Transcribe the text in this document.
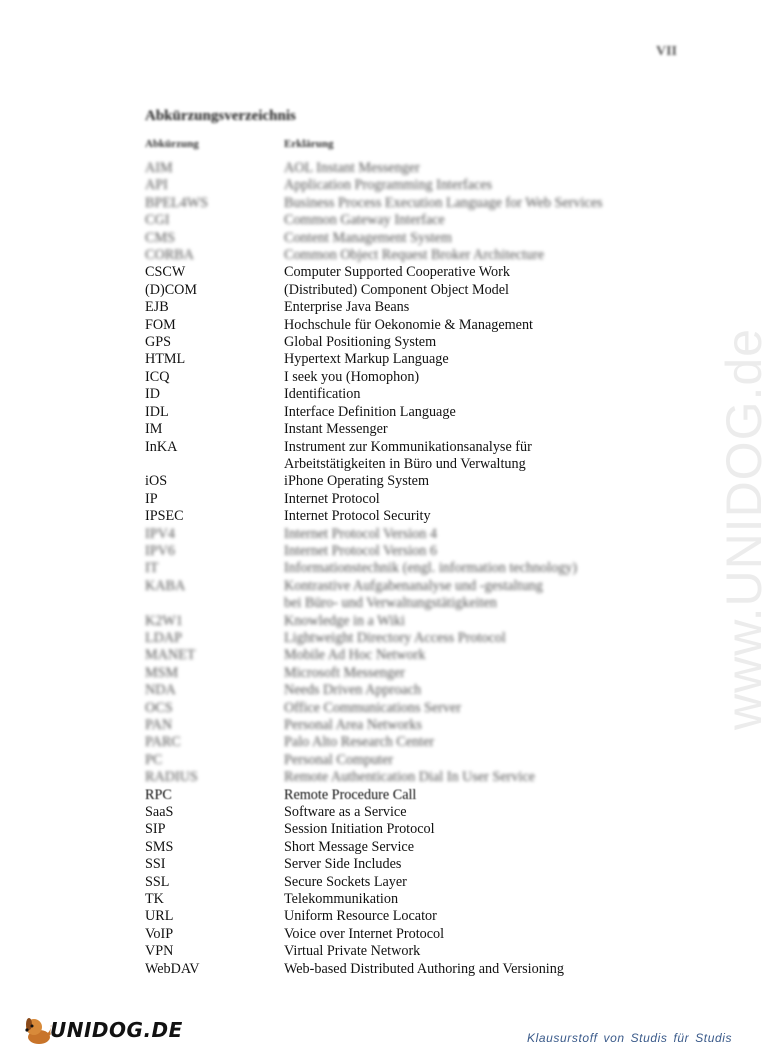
VII
www.UNIDOG.de
Abkürzungsverzeichnis
Abkürzung	Erklärung
AIM	AOL Instant Messenger
API	Application Programming Interfaces
BPEL4WS	Business Process Execution Language for Web Services
CGI	Common Gateway Interface
CMS	Content Management System
CORBA	Common Object Request Broker Architecture
CSCW	Computer Supported Cooperative Work
(D)COM	(Distributed) Component Object Model
EJB	Enterprise Java Beans
FOM	Hochschule für Oekonomie & Management
GPS	Global Positioning System
HTML	Hypertext Markup Language
ICQ	I seek you (Homophon)
ID	Identification
IDL	Interface Definition Language
IM	Instant Messenger
InKA	Instrument zur Kommunikationsanalyse für
Arbeitstätigkeiten in Büro und Verwaltung
iOS	iPhone Operating System
IP	Internet Protocol
IPSEC	Internet Protocol Security
IPV4	Internet Protocol Version 4
IPV6	Internet Protocol Version 6
IT	Informationstechnik (engl. information technology)
KABA	Kontrastive Aufgabenanalyse und -gestaltung
bei Büro- und Verwaltungstätigkeiten
K2W1	Knowledge in a Wiki
LDAP	Lightweight Directory Access Protocol
MANET	Mobile Ad Hoc Network
MSM	Microsoft Messenger
NDA	Needs Driven Approach
OCS	Office Communications Server
PAN	Personal Area Networks
PARC	Palo Alto Research Center
PC	Personal Computer
RADIUS	Remote Authentication Dial In User Service
RPC	Remote Procedure Call
SaaS	Software as a Service
SIP	Session Initiation Protocol
SMS	Short Message Service
SSI	Server Side Includes
SSL	Secure Sockets Layer
TK	Telekommunikation
URL	Uniform Resource Locator
VoIP	Voice over Internet Protocol
VPN	Virtual Private Network
WebDAV	Web-based Distributed Authoring and Versioning
UNIDOG.DE	Klausurstoff von Studis für Studis
